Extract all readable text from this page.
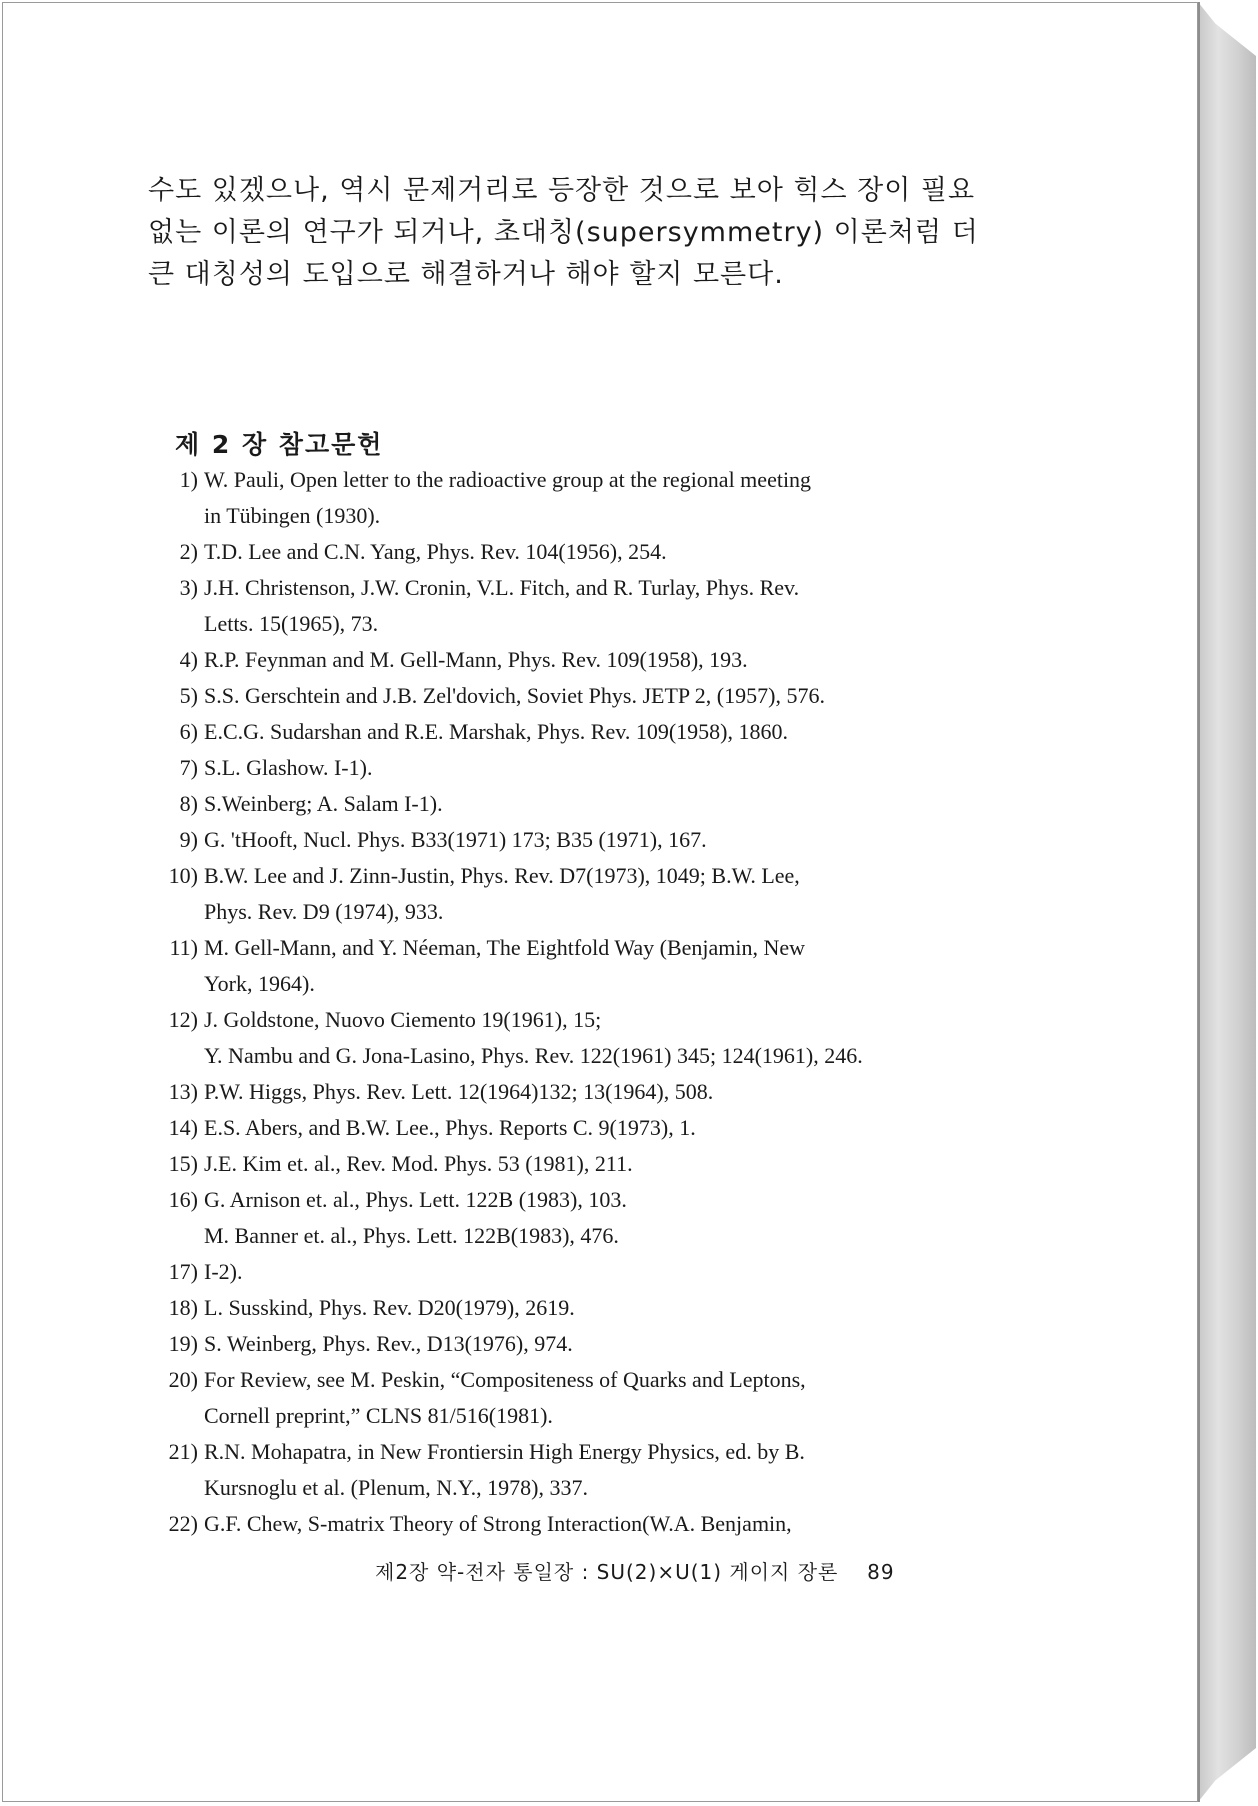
수도 있겠으나, 역시 문제거리로 등장한 것으로 보아 힉스 장이 필요

없는 이론의 연구가 되거나, 초대칭(supersymmetry) 이론처럼 더

큰 대칭성의 도입으로 해결하거나 해야 할지 모른다.

제 2 장 참고문헌
1) W. Pauli, Open letter to the radioactive group at the regional meeting
in Tübingen (1930).
2) T.D. Lee and C.N. Yang, Phys. Rev. 104(1956), 254.
3) J.H. Christenson, J.W. Cronin, V.L. Fitch, and R. Turlay, Phys. Rev.
Letts. 15(1965), 73.
4) R.P. Feynman and M. Gell-Mann, Phys. Rev. 109(1958), 193.
5) S.S. Gerschtein and J.B. Zel'dovich, Soviet Phys. JETP 2, (1957), 576.
6) E.C.G. Sudarshan and R.E. Marshak, Phys. Rev. 109(1958), 1860.
7) S.L. Glashow. I-1).
8) S.Weinberg; A. Salam I-1).
9) G. 'tHooft, Nucl. Phys. B33(1971) 173; B35 (1971), 167.
10) B.W. Lee and J. Zinn-Justin, Phys. Rev. D7(1973), 1049; B.W. Lee,
Phys. Rev. D9 (1974), 933.
11) M. Gell-Mann, and Y. Néeman, The Eightfold Way (Benjamin, New
York, 1964).
12) J. Goldstone, Nuovo Ciemento 19(1961), 15;
Y. Nambu and G. Jona-Lasino, Phys. Rev. 122(1961) 345; 124(1961), 246.
13) P.W. Higgs, Phys. Rev. Lett. 12(1964)132; 13(1964), 508.
14) E.S. Abers, and B.W. Lee., Phys. Reports C. 9(1973), 1.
15) J.E. Kim et. al., Rev. Mod. Phys. 53 (1981), 211.
16) G. Arnison et. al., Phys. Lett. 122B (1983), 103.
M. Banner et. al., Phys. Lett. 122B(1983), 476.
17) I-2).
18) L. Susskind, Phys. Rev. D20(1979), 2619.
19) S. Weinberg, Phys. Rev., D13(1976), 974.
20) For Review, see M. Peskin, “Compositeness of Quarks and Leptons,
Cornell preprint,” CLNS 81/516(1981).
21) R.N. Mohapatra, in New Frontiersin High Energy Physics, ed. by B.
Kursnoglu et al. (Plenum, N.Y., 1978), 337.
22) G.F. Chew, S-matrix Theory of Strong Interaction(W.A. Benjamin,
제2장 약-전자 통일장 : SU(2)×U(1) 게이지 장론 89
